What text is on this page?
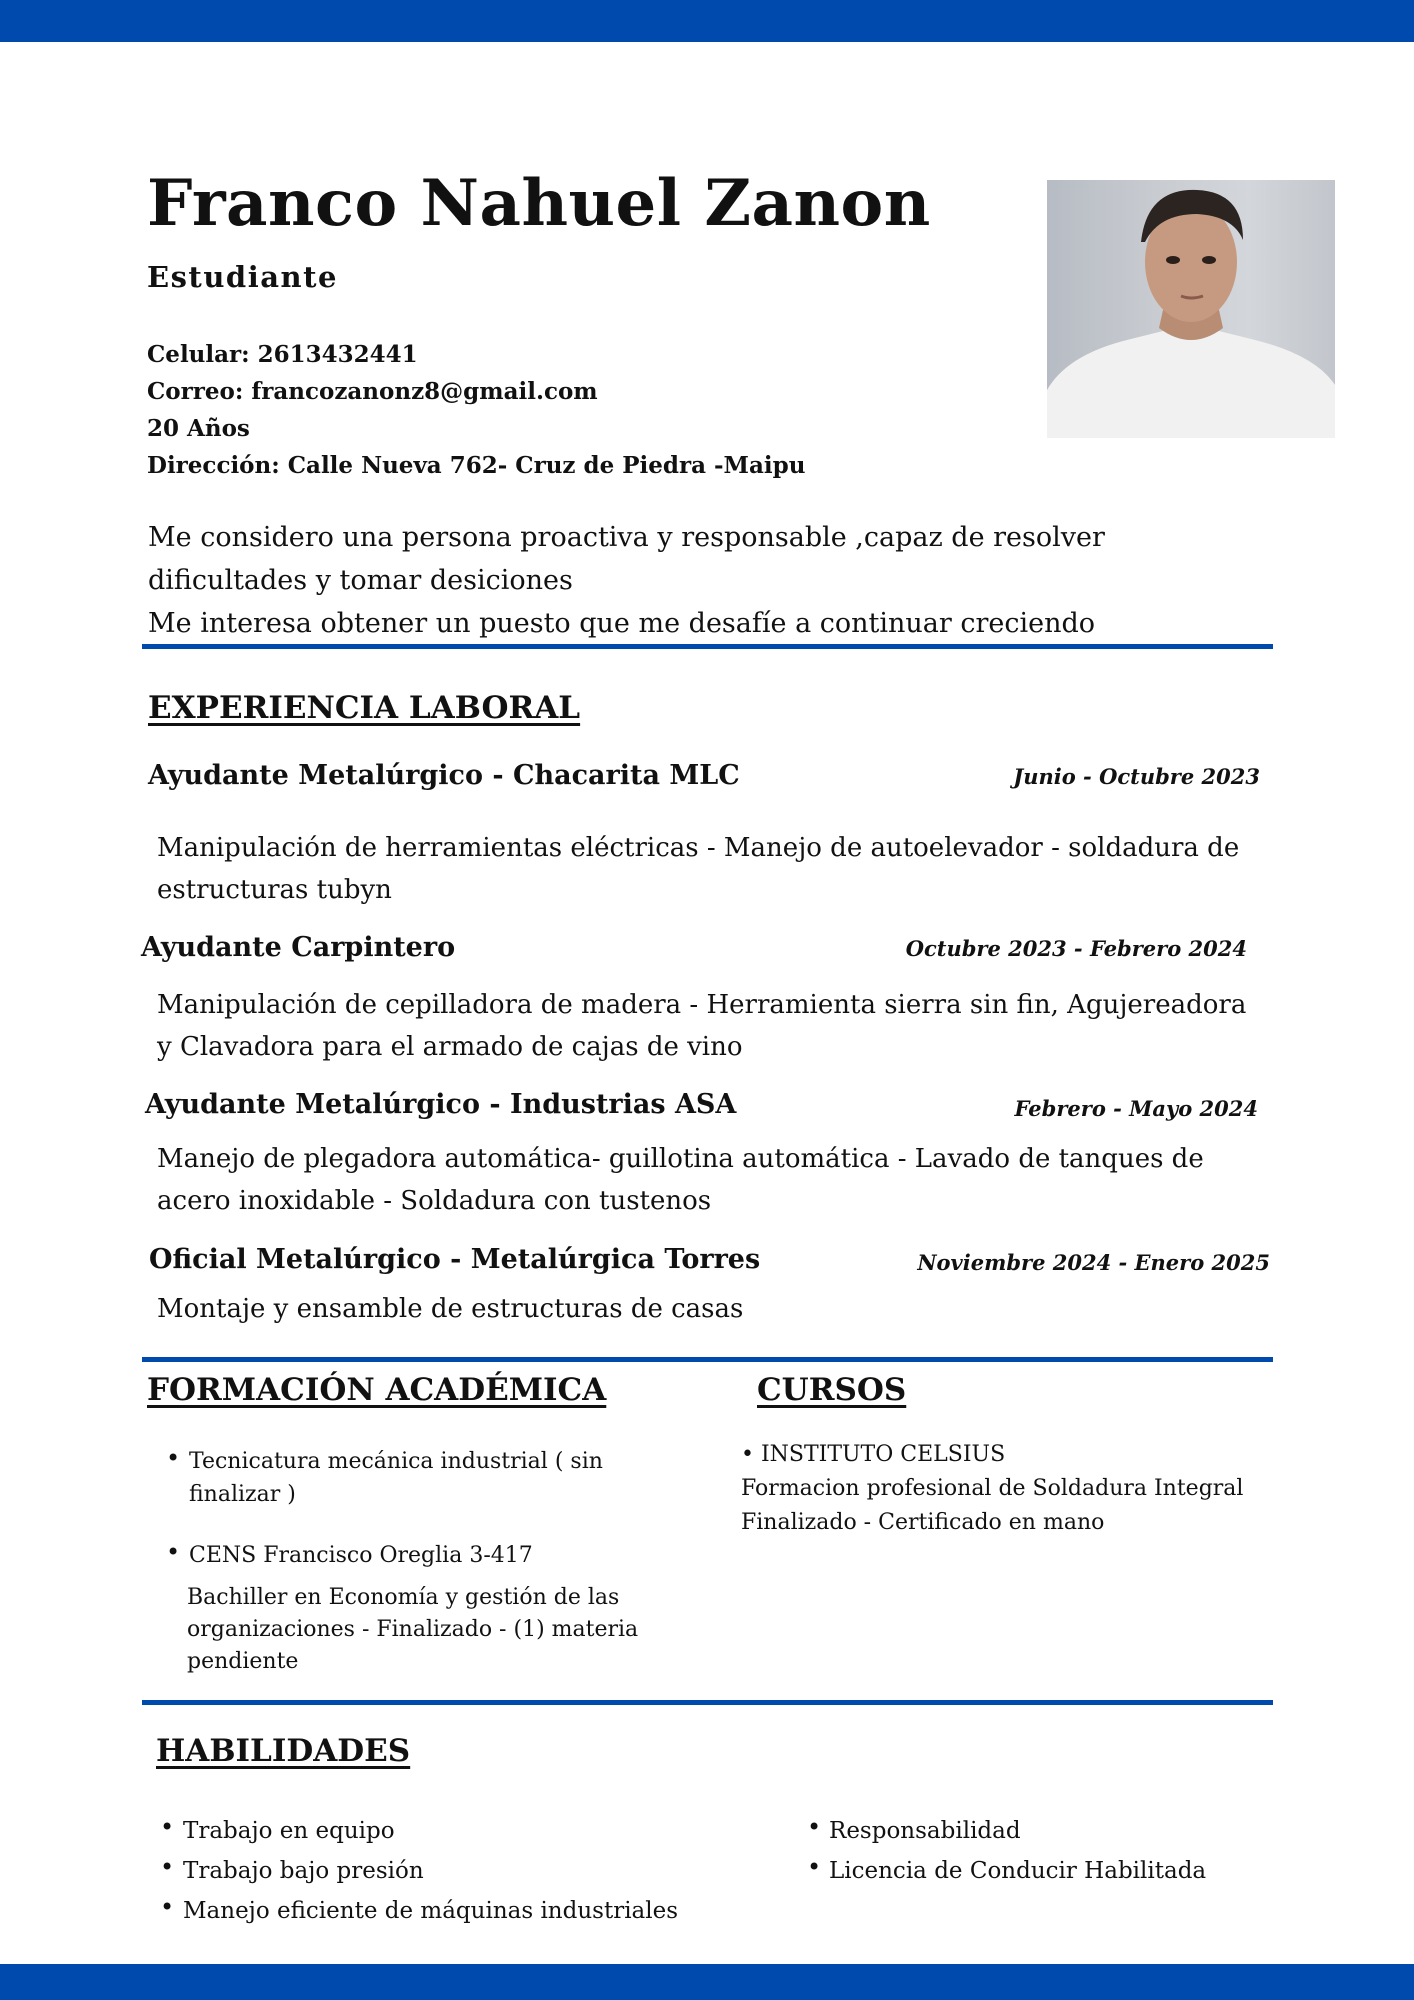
Franco Nahuel Zanon
Estudiante
Celular: 2613432441
Correo: francozanonz8@gmail.com
20 Años
Dirección: Calle Nueva 762- Cruz de Piedra -Maipu
Me considero una persona proactiva y responsable ,capaz de resolver dificultades y tomar desiciones
Me interesa obtener un puesto que me desafíe a continuar creciendo
EXPERIENCIA LABORAL
Ayudante Metalúrgico - Chacarita MLC	Junio - Octubre 2023
Manipulación de herramientas eléctricas - Manejo de autoelevador - soldadura de estructuras tubyn
Ayudante Carpintero	Octubre 2023 - Febrero 2024
Manipulación de cepilladora de madera - Herramienta sierra sin fin, Agujereadora y Clavadora para el armado de cajas de vino
Ayudante Metalúrgico - Industrias ASA	Febrero - Mayo 2024
Manejo de plegadora automática- guillotina automática - Lavado de tanques de acero inoxidable - Soldadura con tustenos
Oficial Metalúrgico - Metalúrgica Torres	Noviembre 2024 - Enero 2025
Montaje y ensamble de estructuras de casas
FORMACIÓN ACADÉMICA
• Tecnicatura mecánica industrial ( sin finalizar )
• CENS Francisco Oreglia 3-417
Bachiller en Economía y gestión de las organizaciones - Finalizado - (1) materia pendiente
CURSOS
• INSTITUTO CELSIUS
Formacion profesional de Soldadura Integral
Finalizado - Certificado en mano
HABILIDADES
• Trabajo en equipo
• Trabajo bajo presión
• Manejo eficiente de máquinas industriales
• Responsabilidad
• Licencia de Conducir Habilitada
